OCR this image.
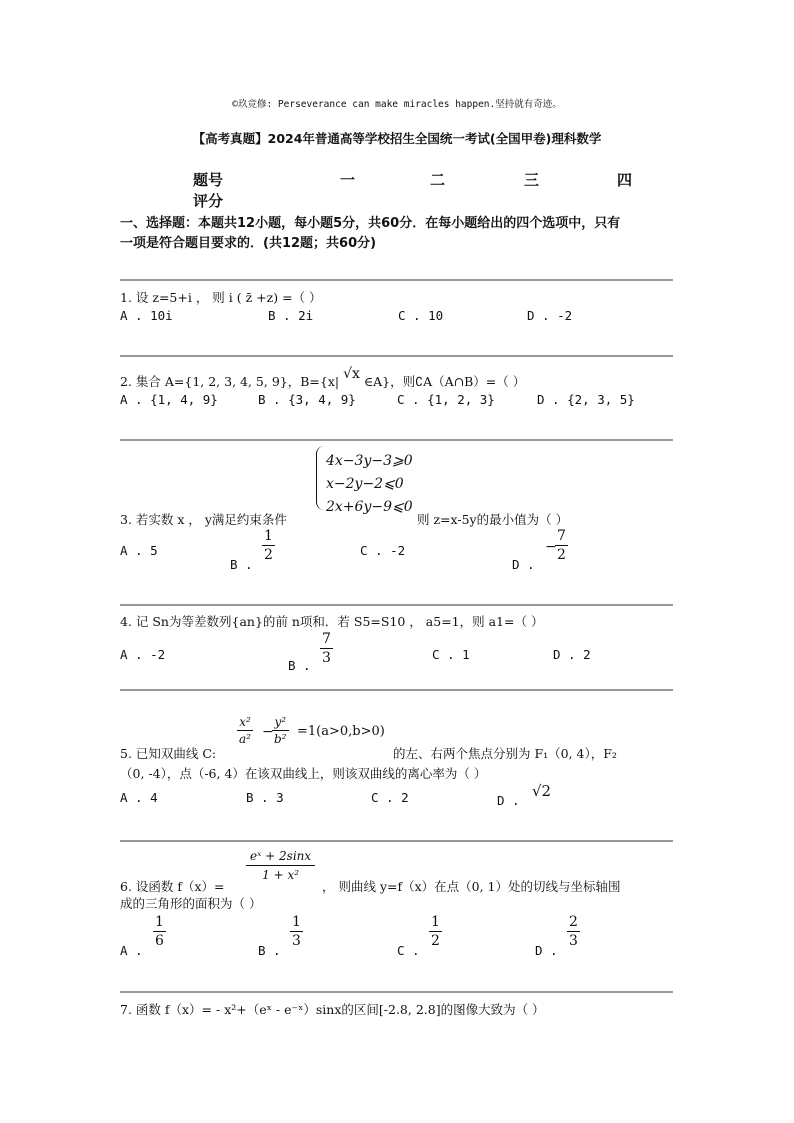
©玖竞修: Perseverance can make miracles happen.坚持就有奇迹。
【高考真题】2024年普通高等学校招生全国统一考试(全国甲卷)理科数学
题号	一	二	三	四
评分
一、选择题：本题共12小题，每小题5分，共60分．在每小题给出的四个选项中，只有
一项是符合题目要求的．(共12题；共60分)
1. 设 z=5+i ， 则 i ( z̄ +z) =（ ）
A . 10i	B . 2i	C . 10	D . -2
2. 集合 A={1, 2, 3, 4, 5, 9}，B={x| √x ∈A}，则∁A（A∩B）=（ ）
A . {1, 4, 9}	B . {3, 4, 9}	C . {1, 2, 3}	D . {2, 3, 5}
4x−3y−3⩾0
x−2y−2⩽0
2x+6y−9⩽0
3. 若实数 x ， y满足约束条件	则 z=x-5y的最小值为（ ）
A . 5
B .
$\frac{1}{2}$	C . -2
D .
−
$\frac{7}{2}$
4. 记 Sn为等差数列{an}的前 n项和．若 S5=S10 ， a5=1，则 a1=（ ）
A . -2
B .
$\frac{7}{3}$	C . 1	D . 2
$\frac{\text{x²}}{\text{a²}}$ −
$\frac{\text{y²}}{\text{b²}} =1(a>0,b>0)$
5. 已知双曲线 C:	的左、右两个焦点分别为 F₁（0, 4），F₂
（0, -4），点（-6, 4）在该双曲线上，则该双曲线的离心率为（ ）
A . 4	B . 3	C . 2	D .
√2
$\frac{\text{eˣ + 2sinx}}{\text{1 + x²}}$
6. 设函数 f（x）=	， 则曲线 y=f（x）在点（0, 1）处的切线与坐标轴围
成的三角形的面积为（ ）
A .
$\frac{1}{6}$
B .
$\frac{1}{3}$
C .
$\frac{1}{2}$
D .
$\frac{2}{3}$
7. 函数 f（x）= - x²+（eˣ - e⁻ˣ）sinx的区间[-2.8, 2.8]的图像大致为（ ）
